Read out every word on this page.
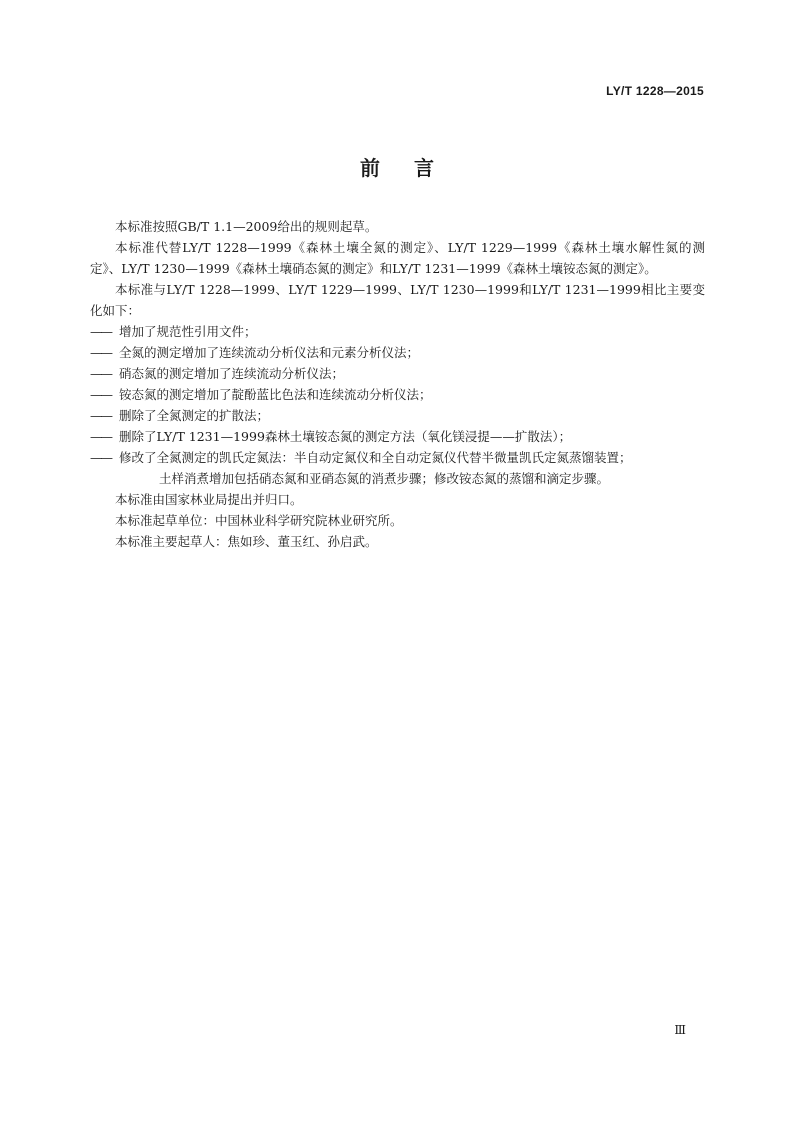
LY/T 1228—2015
前言

本标准按照GB/T 1.1—2009给出的规则起草。

本标准代替LY/T 1228—1999《森林土壤全氮的测定》、LY/T 1229—1999《森林土壤水解性氮的测定》、LY/T 1230—1999《森林土壤硝态氮的测定》和LY/T 1231—1999《森林土壤铵态氮的测定》。

本标准与LY/T 1228—1999、LY/T 1229—1999、LY/T 1230—1999和LY/T 1231—1999相比主要变化如下：

—— 增加了规范性引用文件；

—— 全氮的测定增加了连续流动分析仪法和元素分析仪法；

—— 硝态氮的测定增加了连续流动分析仪法；

—— 铵态氮的测定增加了靛酚蓝比色法和连续流动分析仪法；

—— 删除了全氮测定的扩散法；

—— 删除了LY/T 1231—1999森林土壤铵态氮的测定方法（氧化镁浸提——扩散法）；

—— 修改了全氮测定的凯氏定氮法：半自动定氮仪和全自动定氮仪代替半微量凯氏定氮蒸馏装置；

土样消煮增加包括硝态氮和亚硝态氮的消煮步骤；修改铵态氮的蒸馏和滴定步骤。

本标准由国家林业局提出并归口。

本标准起草单位：中国林业科学研究院林业研究所。

本标准主要起草人：焦如珍、董玉红、孙启武。

Ⅲ
